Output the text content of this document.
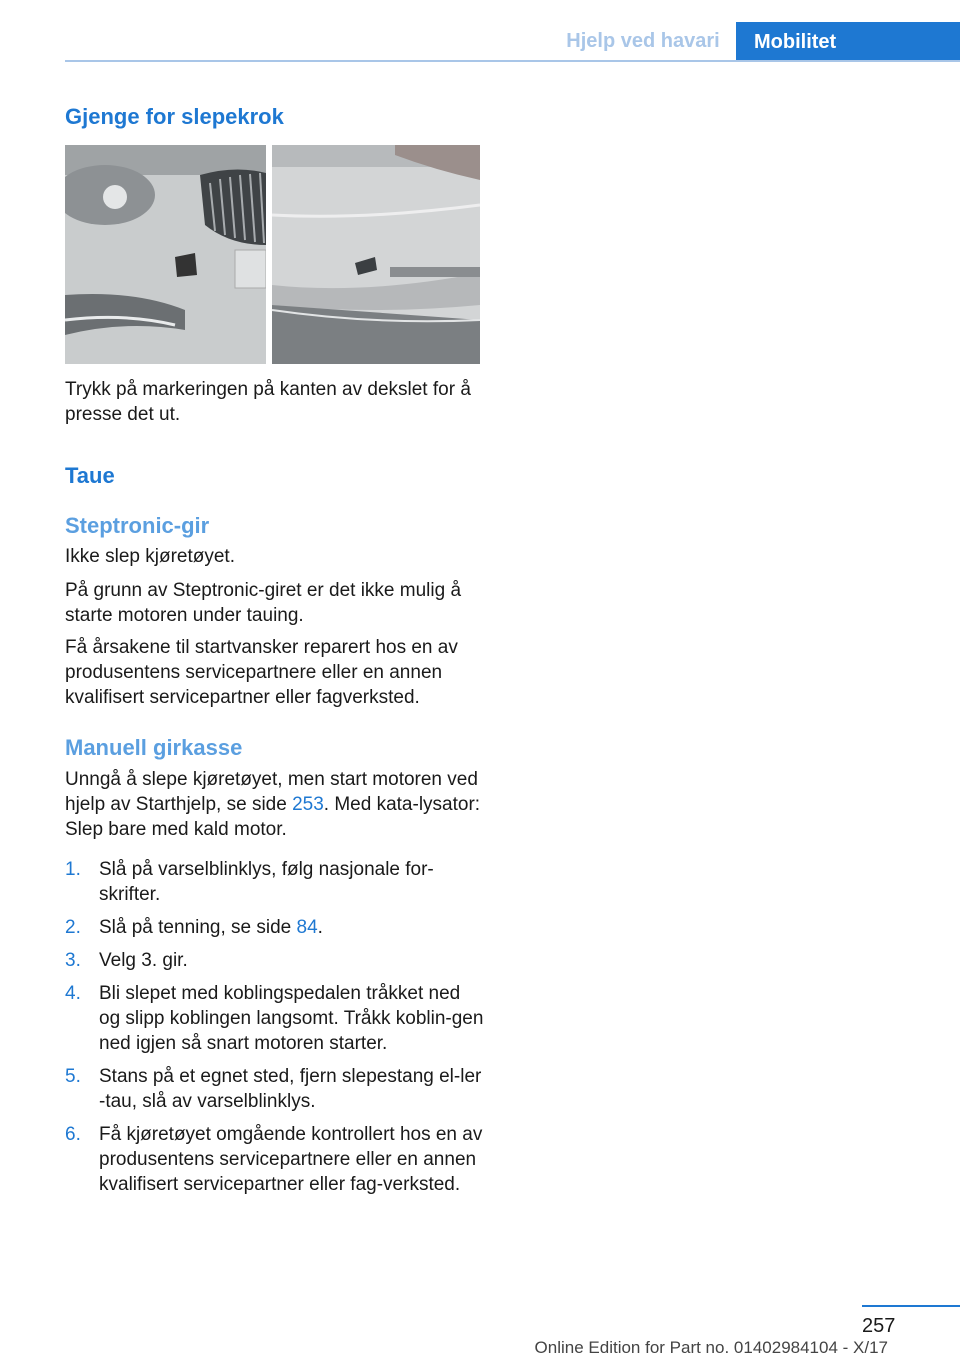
Hjelp ved havari	Mobilitet
Gjenge for slepekrok

Trykk på markeringen på kanten av dekslet for å presse det ut.

Taue
Steptronic-gir

Ikke slep kjøretøyet.

På grunn av Steptronic-giret er det ikke mulig å starte motoren under tauing.

Få årsakene til startvansker reparert hos en av produsentens servicepartnere eller en annen kvalifisert servicepartner eller fagverksted.

Manuell girkasse

Unngå å slepe kjøretøyet, men start motoren ved hjelp av Starthjelp, se side 253. Med kata-lysator: Slep bare med kald motor.

1. Slå på varselblinklys, følg nasjonale for-skrifter.
2. Slå på tenning, se side 84.
3. Velg 3. gir.
4. Bli slepet med koblingspedalen tråkket ned og slipp koblingen langsomt. Tråkk koblin-gen ned igjen så snart motoren starter.
5. Stans på et egnet sted, fjern slepestang el-ler -tau, slå av varselblinklys.
6. Få kjøretøyet omgående kontrollert hos en av produsentens servicepartnere eller en annen kvalifisert servicepartner eller fag-verksted.
257
Online Edition for Part no. 01402984104 - X/17
